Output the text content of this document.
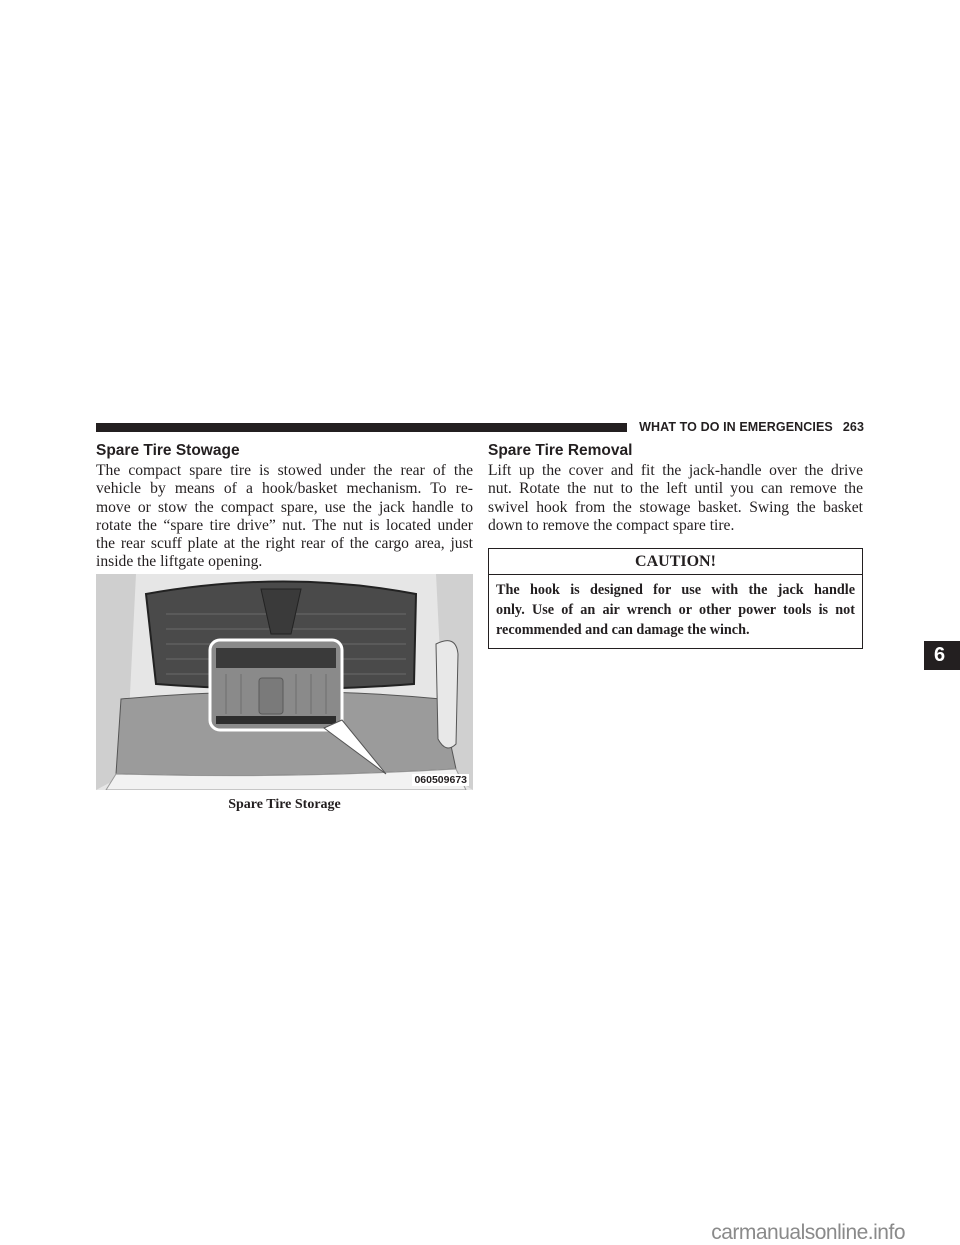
WHAT TO DO IN EMERGENCIES 263
Spare Tire Stowage
The compact spare tire is stowed under the rear of the
vehicle by means of a hook/basket mechanism. To re-
move or stow the compact spare, use the jack handle to
rotate the “spare tire drive” nut. The nut is located under
the rear scuff plate at the right rear of the cargo area, just
inside the liftgate opening.
060509673
Spare Tire Storage
Spare Tire Removal
Lift up the cover and fit the jack-handle over the drive
nut. Rotate the nut to the left until you can remove the
swivel hook from the stowage basket. Swing the basket
down to remove the compact spare tire.
CAUTION!
The hook is designed for use with the jack handle
only. Use of an air wrench or other power tools is not
recommended and can damage the winch.
6
carmanualsonline.info
